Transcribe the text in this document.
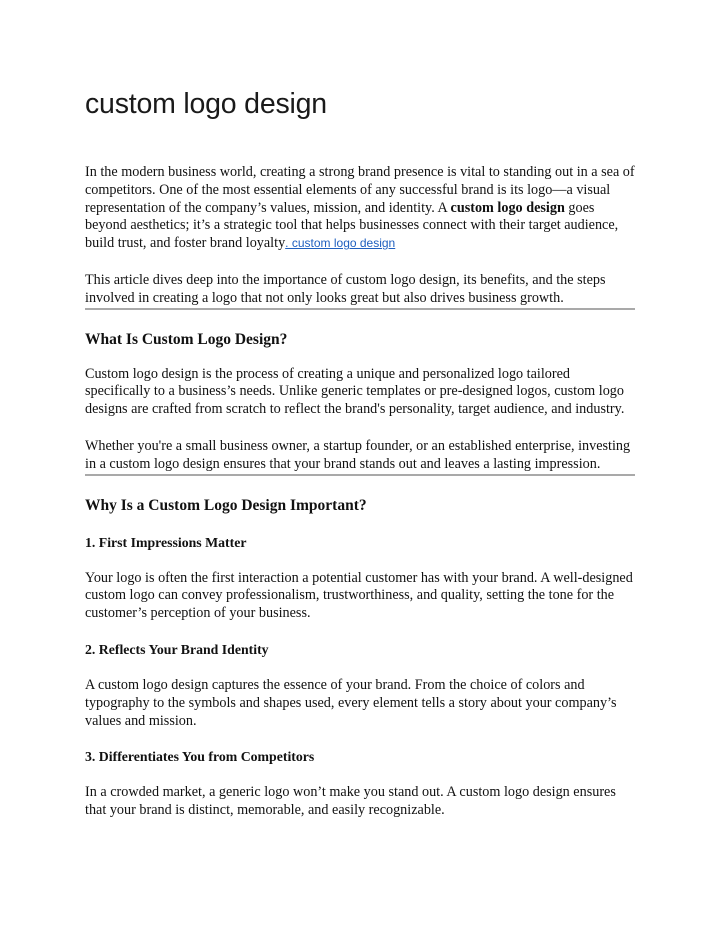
custom logo design

In the modern business world, creating a strong brand presence is vital to standing out in a sea of competitors. One of the most essential elements of any successful brand is its logo—a visual representation of the company’s values, mission, and identity. A custom logo design goes beyond aesthetics; it’s a strategic tool that helps businesses connect with their target audience, build trust, and foster brand loyalty. custom logo design

This article dives deep into the importance of custom logo design, its benefits, and the steps involved in creating a logo that not only looks great but also drives business growth.

What Is Custom Logo Design?

Custom logo design is the process of creating a unique and personalized logo tailored specifically to a business’s needs. Unlike generic templates or pre-designed logos, custom logo designs are crafted from scratch to reflect the brand's personality, target audience, and industry.

Whether you're a small business owner, a startup founder, or an established enterprise, investing in a custom logo design ensures that your brand stands out and leaves a lasting impression.

Why Is a Custom Logo Design Important?
1. First Impressions Matter

Your logo is often the first interaction a potential customer has with your brand. A well-designed custom logo can convey professionalism, trustworthiness, and quality, setting the tone for the customer’s perception of your business.

2. Reflects Your Brand Identity

A custom logo design captures the essence of your brand. From the choice of colors and typography to the symbols and shapes used, every element tells a story about your company’s values and mission.

3. Differentiates You from Competitors

In a crowded market, a generic logo won’t make you stand out. A custom logo design ensures that your brand is distinct, memorable, and easily recognizable.
